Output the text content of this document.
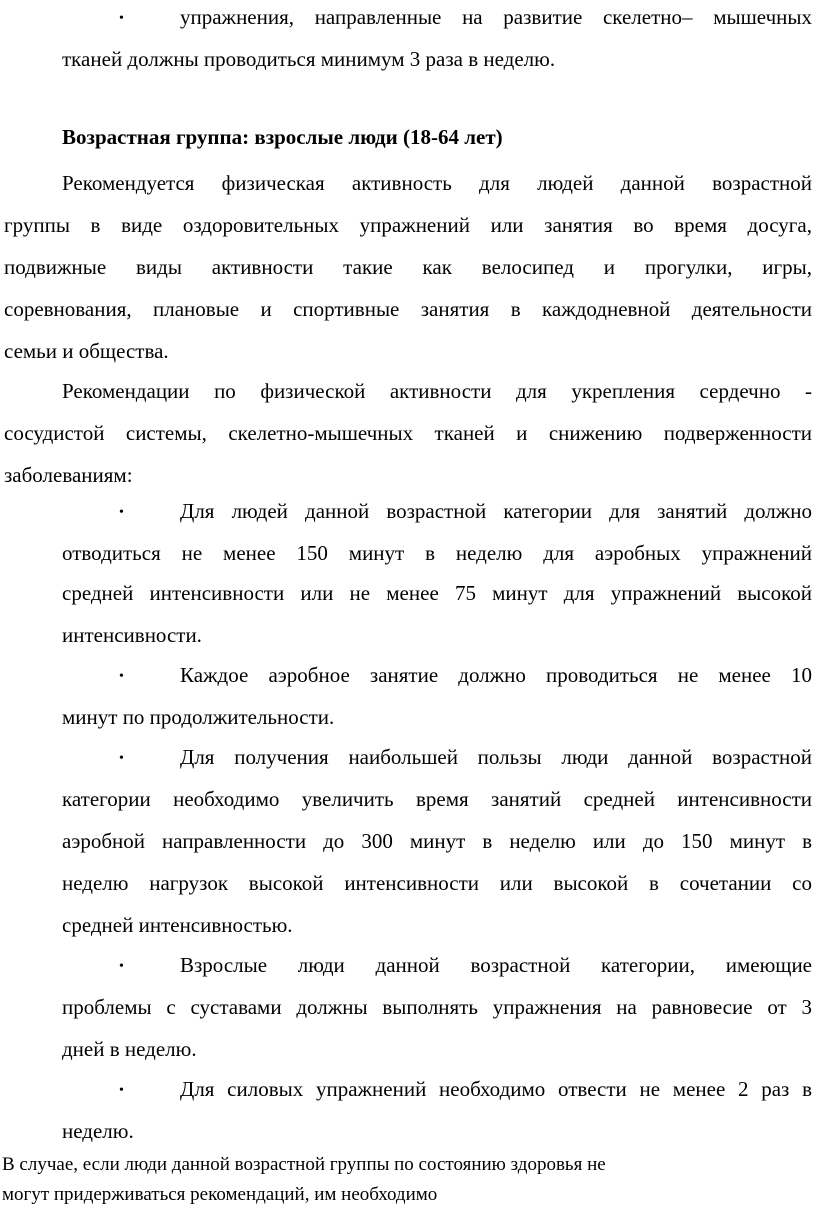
•	упражнения, направленные на развитие скелетно– мышечных
тканей должны проводиться минимум 3 раза в неделю.
Возрастная группа: взрослые люди (18-64 лет)
Рекомендуется физическая активность для людей данной возрастной
группы в виде оздоровительных упражнений или занятия во время досуга,
подвижные виды активности такие как велосипед и прогулки, игры,
соревнования, плановые и спортивные занятия в каждодневной деятельности
семьи и общества.
Рекомендации по физической активности для укрепления сердечно -
сосудистой системы, скелетно-мышечных тканей и снижению подверженности
заболеваниям:
•	Для людей данной возрастной категории для занятий должно
отводиться не менее 150 минут в неделю для аэробных упражнений
средней интенсивности или не менее 75 минут для упражнений высокой
интенсивности.
•	Каждое аэробное занятие должно проводиться не менее 10
минут по продолжительности.
•	Для получения наибольшей пользы люди данной возрастной
категории необходимо увеличить время занятий средней интенсивности
аэробной направленности до 300 минут в неделю или до 150 минут в
неделю нагрузок высокой интенсивности или высокой в сочетании со
средней интенсивностью.
•	Взрослые люди данной возрастной категории, имеющие
проблемы с суставами должны выполнять упражнения на равновесие от 3
дней в неделю.
•	Для силовых упражнений необходимо отвести не менее 2 раз в
неделю.
В случае, если люди данной возрастной группы по состоянию здоровья не
могут придерживаться рекомендаций, им необходимо
